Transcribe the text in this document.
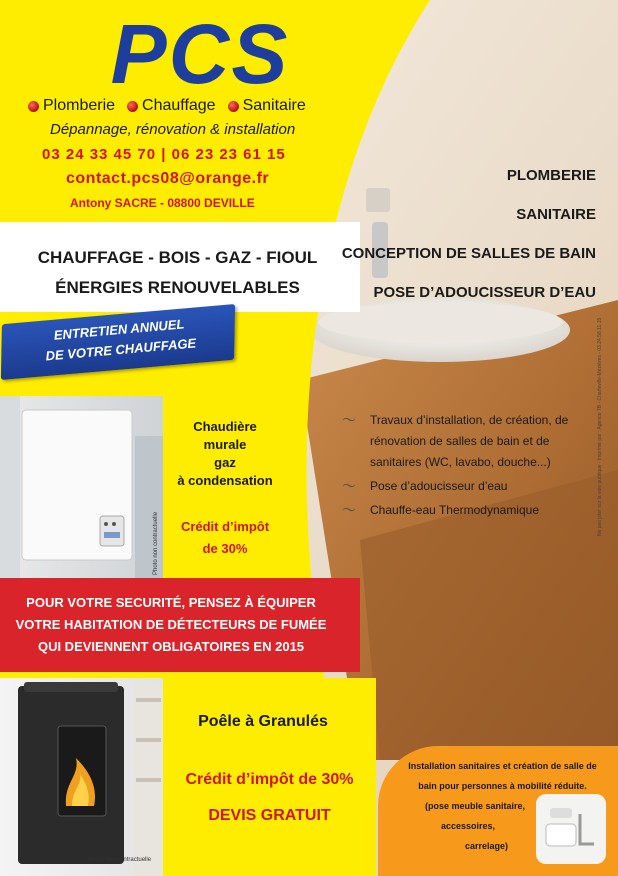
PCS
Plomberie Chauffage Sanitaire
Dépannage, rénovation & installation
03 24 33 45 70 | 06 23 23 61 15
contact.pcs08@orange.fr
Antony SACRE - 08800 DEVILLE
CHAUFFAGE - BOIS - GAZ - FIOUL
ÉNERGIES RENOUVELABLES
ENTRETIEN ANNUEL
DE VOTRE CHAUFFAGE
PLOMBERIE
SANITAIRE
CONCEPTION DE SALLES DE BAIN
POSE D’ADOUCISSEUR D’EAU
Photo non contractuelle
Chaudière
murale
gaz
à condensation
Crédit d’impôt
de 30%
〜	Travaux d’installation, de création, de rénovation de salles de bain et de sanitaires (WC, lavabo, douche...)
〜	Pose d’adoucisseur d’eau
〜	Chauffe-eau Thermodynamique
POUR VOTRE SECURITÉ, PENSEZ À ÉQUIPER
VOTRE HABITATION DE DÉTECTEURS DE FUMÉE
QUI DEVIENNENT OBLIGATOIRES EN 2015
Photo non contractuelle
Poêle à Granulés
Crédit d’impôt de 30%
DEVIS GRATUIT
Installation sanitaires et création de salle de
bain pour personnes à mobilité réduite.
(pose meuble sanitaire,
accessoires,
carrelage)
Ne pas jeter sur la voie publique - Imprimé par : Agence TB - Charleville-Mézières - 03.24.58.11.15
